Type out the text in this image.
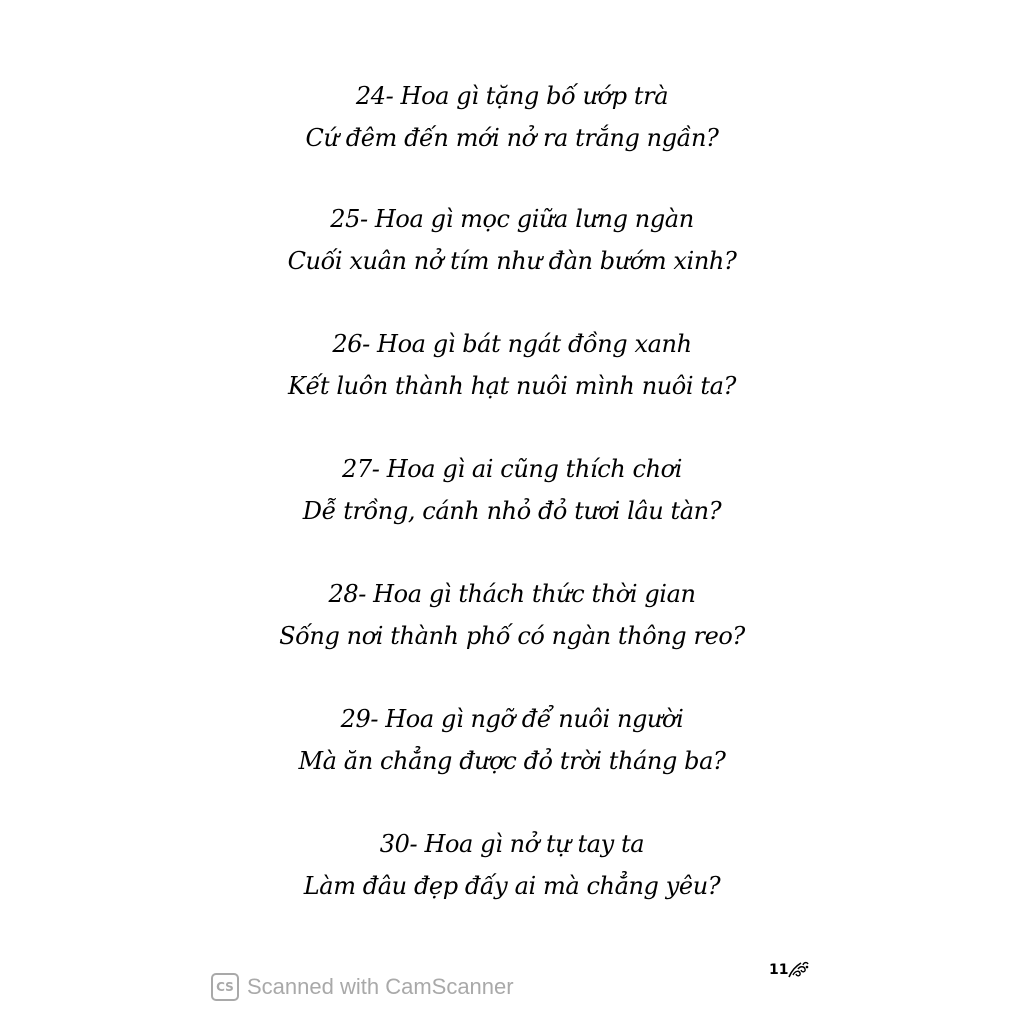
24- Hoa gì tặng bố ướp trà
Cứ đêm đến mới nở ra trắng ngần?
25- Hoa gì mọc giữa lưng ngàn
Cuối xuân nở tím như đàn bướm xinh?
26- Hoa gì bát ngát đồng xanh
Kết luôn thành hạt nuôi mình nuôi ta?
27- Hoa gì ai cũng thích chơi
Dễ trồng, cánh nhỏ đỏ tươi lâu tàn?
28- Hoa gì thách thức thời gian
Sống nơi thành phố có ngàn thông reo?
29- Hoa gì ngỡ để nuôi người
Mà ăn chẳng được đỏ trời tháng ba?
30- Hoa gì nở tự tay ta
Làm đâu đẹp đấy ai mà chẳng yêu?
11
CS Scanned with CamScanner
